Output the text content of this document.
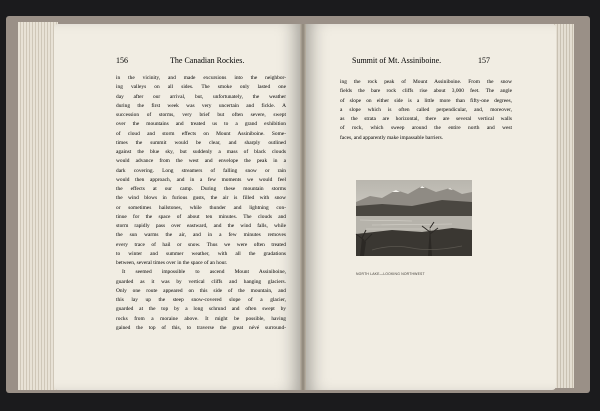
156	The Canadian Rockies.	Summit of Mt. Assiniboine.	157
in the vicinity, and made excursions into the neighbor-
ing valleys on all sides. The smoke only lasted one
day after our arrival, but, unfortunately, the weather
during the first week was very uncertain and fickle. A
succession of storms, very brief but often severe, swept
over the mountains and treated us to a grand exhibition
of cloud and storm effects on Mount Assiniboine. Some-
times the summit would be clear, and sharply outlined
against the blue sky, but suddenly a mass of black clouds
would advance from the west and envelope the peak in a
dark covering. Long streamers of falling snow or rain
would then approach, and in a few moments we would feel
the effects at our camp. During these mountain storms
the wind blows in furious gusts, the air is filled with snow
or sometimes hailstones, while thunder and lightning con-
tinue for the space of about ten minutes. The clouds and
storm rapidly pass over eastward, and the wind falls, while
the sun warms the air, and in a few minutes removes
every trace of hail or snow. Thus we were often treated
to winter and summer weather, with all the gradations
between, several times over in the space of an hour.
It seemed impossible to ascend Mount Assiniboine,
guarded as it was by vertical cliffs and hanging glaciers.
Only one route appeared on this side of the mountain, and
this lay up the steep snow-covered slope of a glacier,
guarded at the top by a long schrund and often swept by
rocks from a moraine above. It might be possible, having
gained the top of this, to traverse the great névé surround-
ing the rock peak of Mount Assiniboine. From the snow
fields the bare rock cliffs rise about 3,000 feet. The angle
of slope on either side is a little more than fifty-one degrees,
a slope which is often called perpendicular, and, moreover,
as the strata are horizontal, there are several vertical walls
of rock, which sweep around the entire north and west
faces, and apparently make impassable barriers.
NORTH LAKE—LOOKING NORTHWEST
